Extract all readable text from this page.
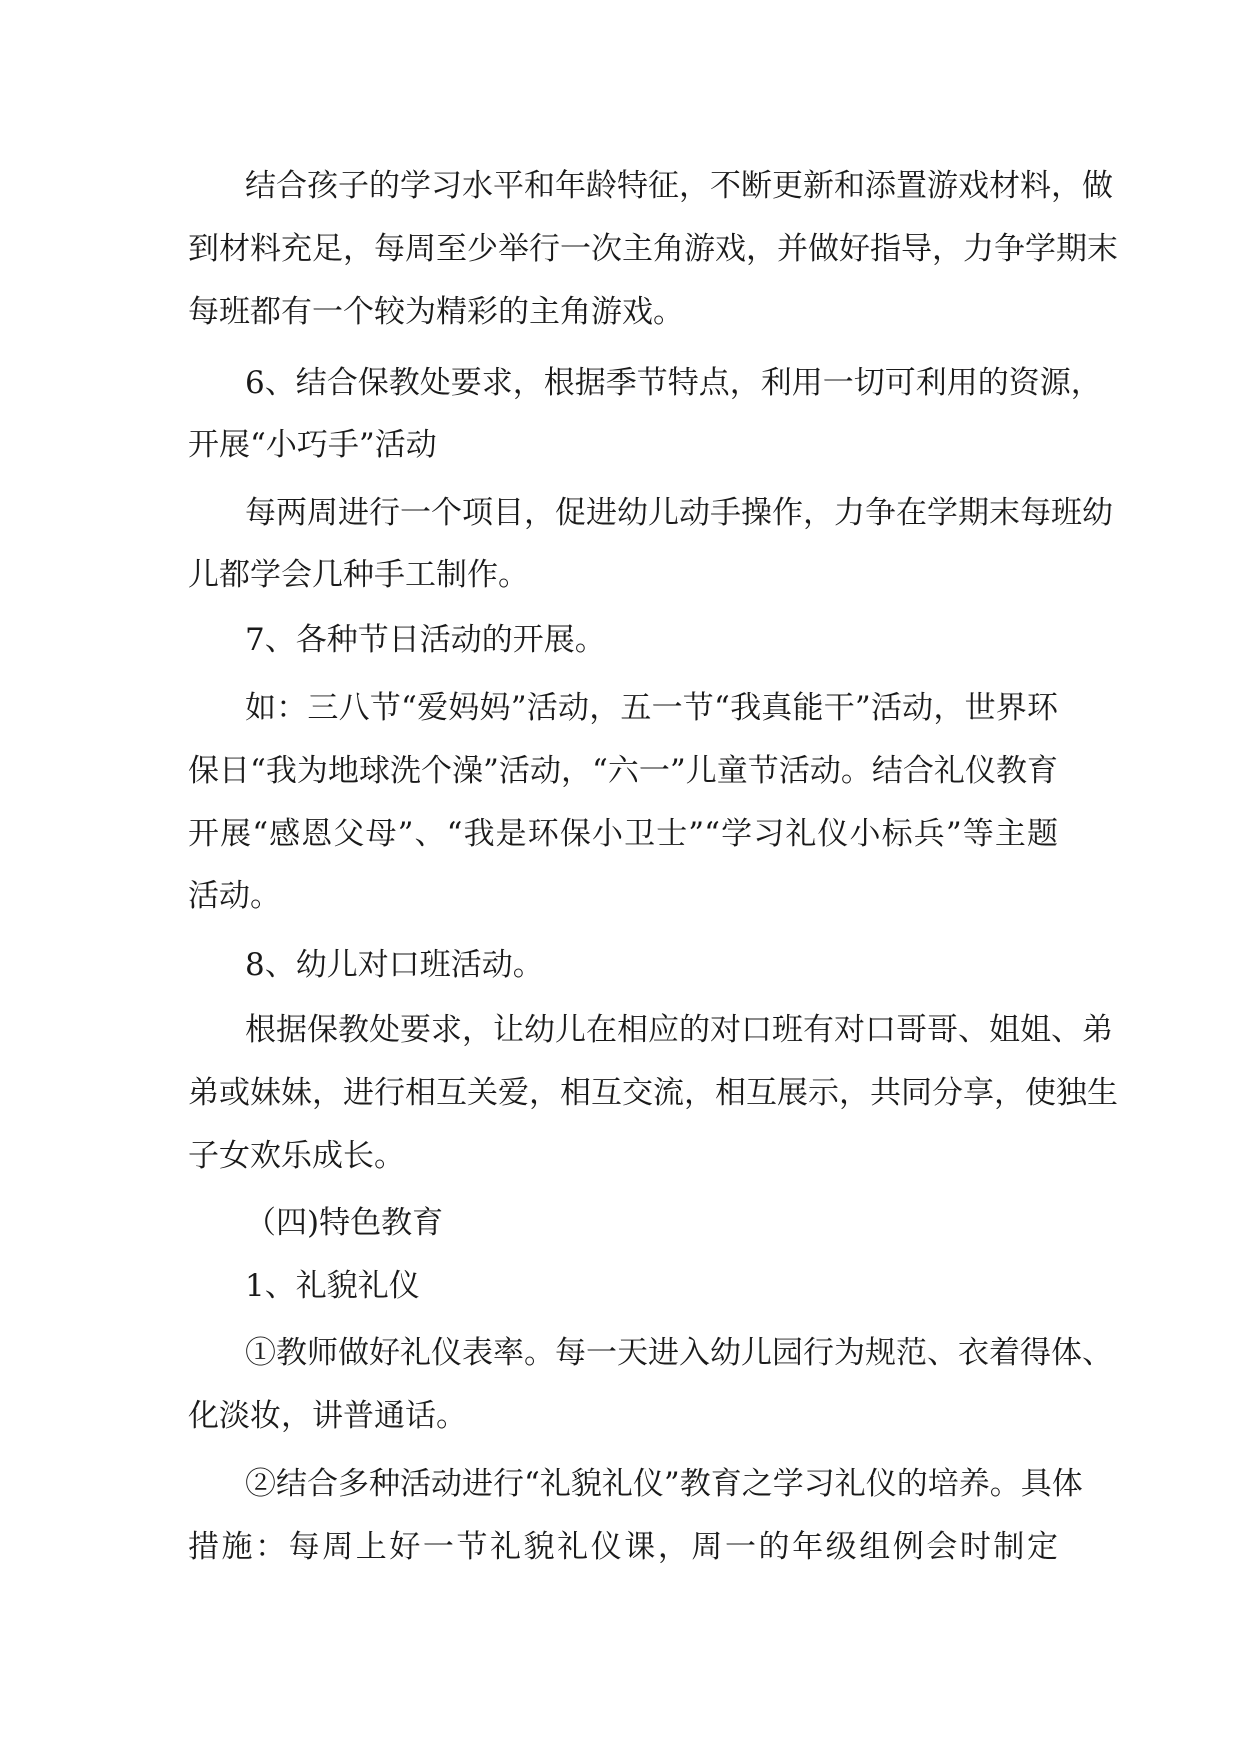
结合孩子的学习水平和年龄特征，不断更新和添置游戏材料，做
到材料充足，每周至少举行一次主角游戏，并做好指导，力争学期末
每班都有一个较为精彩的主角游戏。
6、结合保教处要求，根据季节特点，利用一切可利用的资源，
开展“小巧手”活动
每两周进行一个项目，促进幼儿动手操作，力争在学期末每班幼
儿都学会几种手工制作。
7、各种节日活动的开展。
如：三八节“爱妈妈”活动，五一节“我真能干”活动，世界环
保日“我为地球洗个澡”活动，“六一”儿童节活动。结合礼仪教育
开展“感恩父母”、“我是环保小卫士”“学习礼仪小标兵”等主题
活动。
8、幼儿对口班活动。
根据保教处要求，让幼儿在相应的对口班有对口哥哥、姐姐、弟
弟或妹妹，进行相互关爱，相互交流，相互展示，共同分享，使独生
子女欢乐成长。
（四)特色教育
1、礼貌礼仪
①教师做好礼仪表率。每一天进入幼儿园行为规范、衣着得体、
化淡妆，讲普通话。
②结合多种活动进行“礼貌礼仪”教育之学习礼仪的培养。具体
措施：每周上好一节礼貌礼仪课，周一的年级组例会时制定
